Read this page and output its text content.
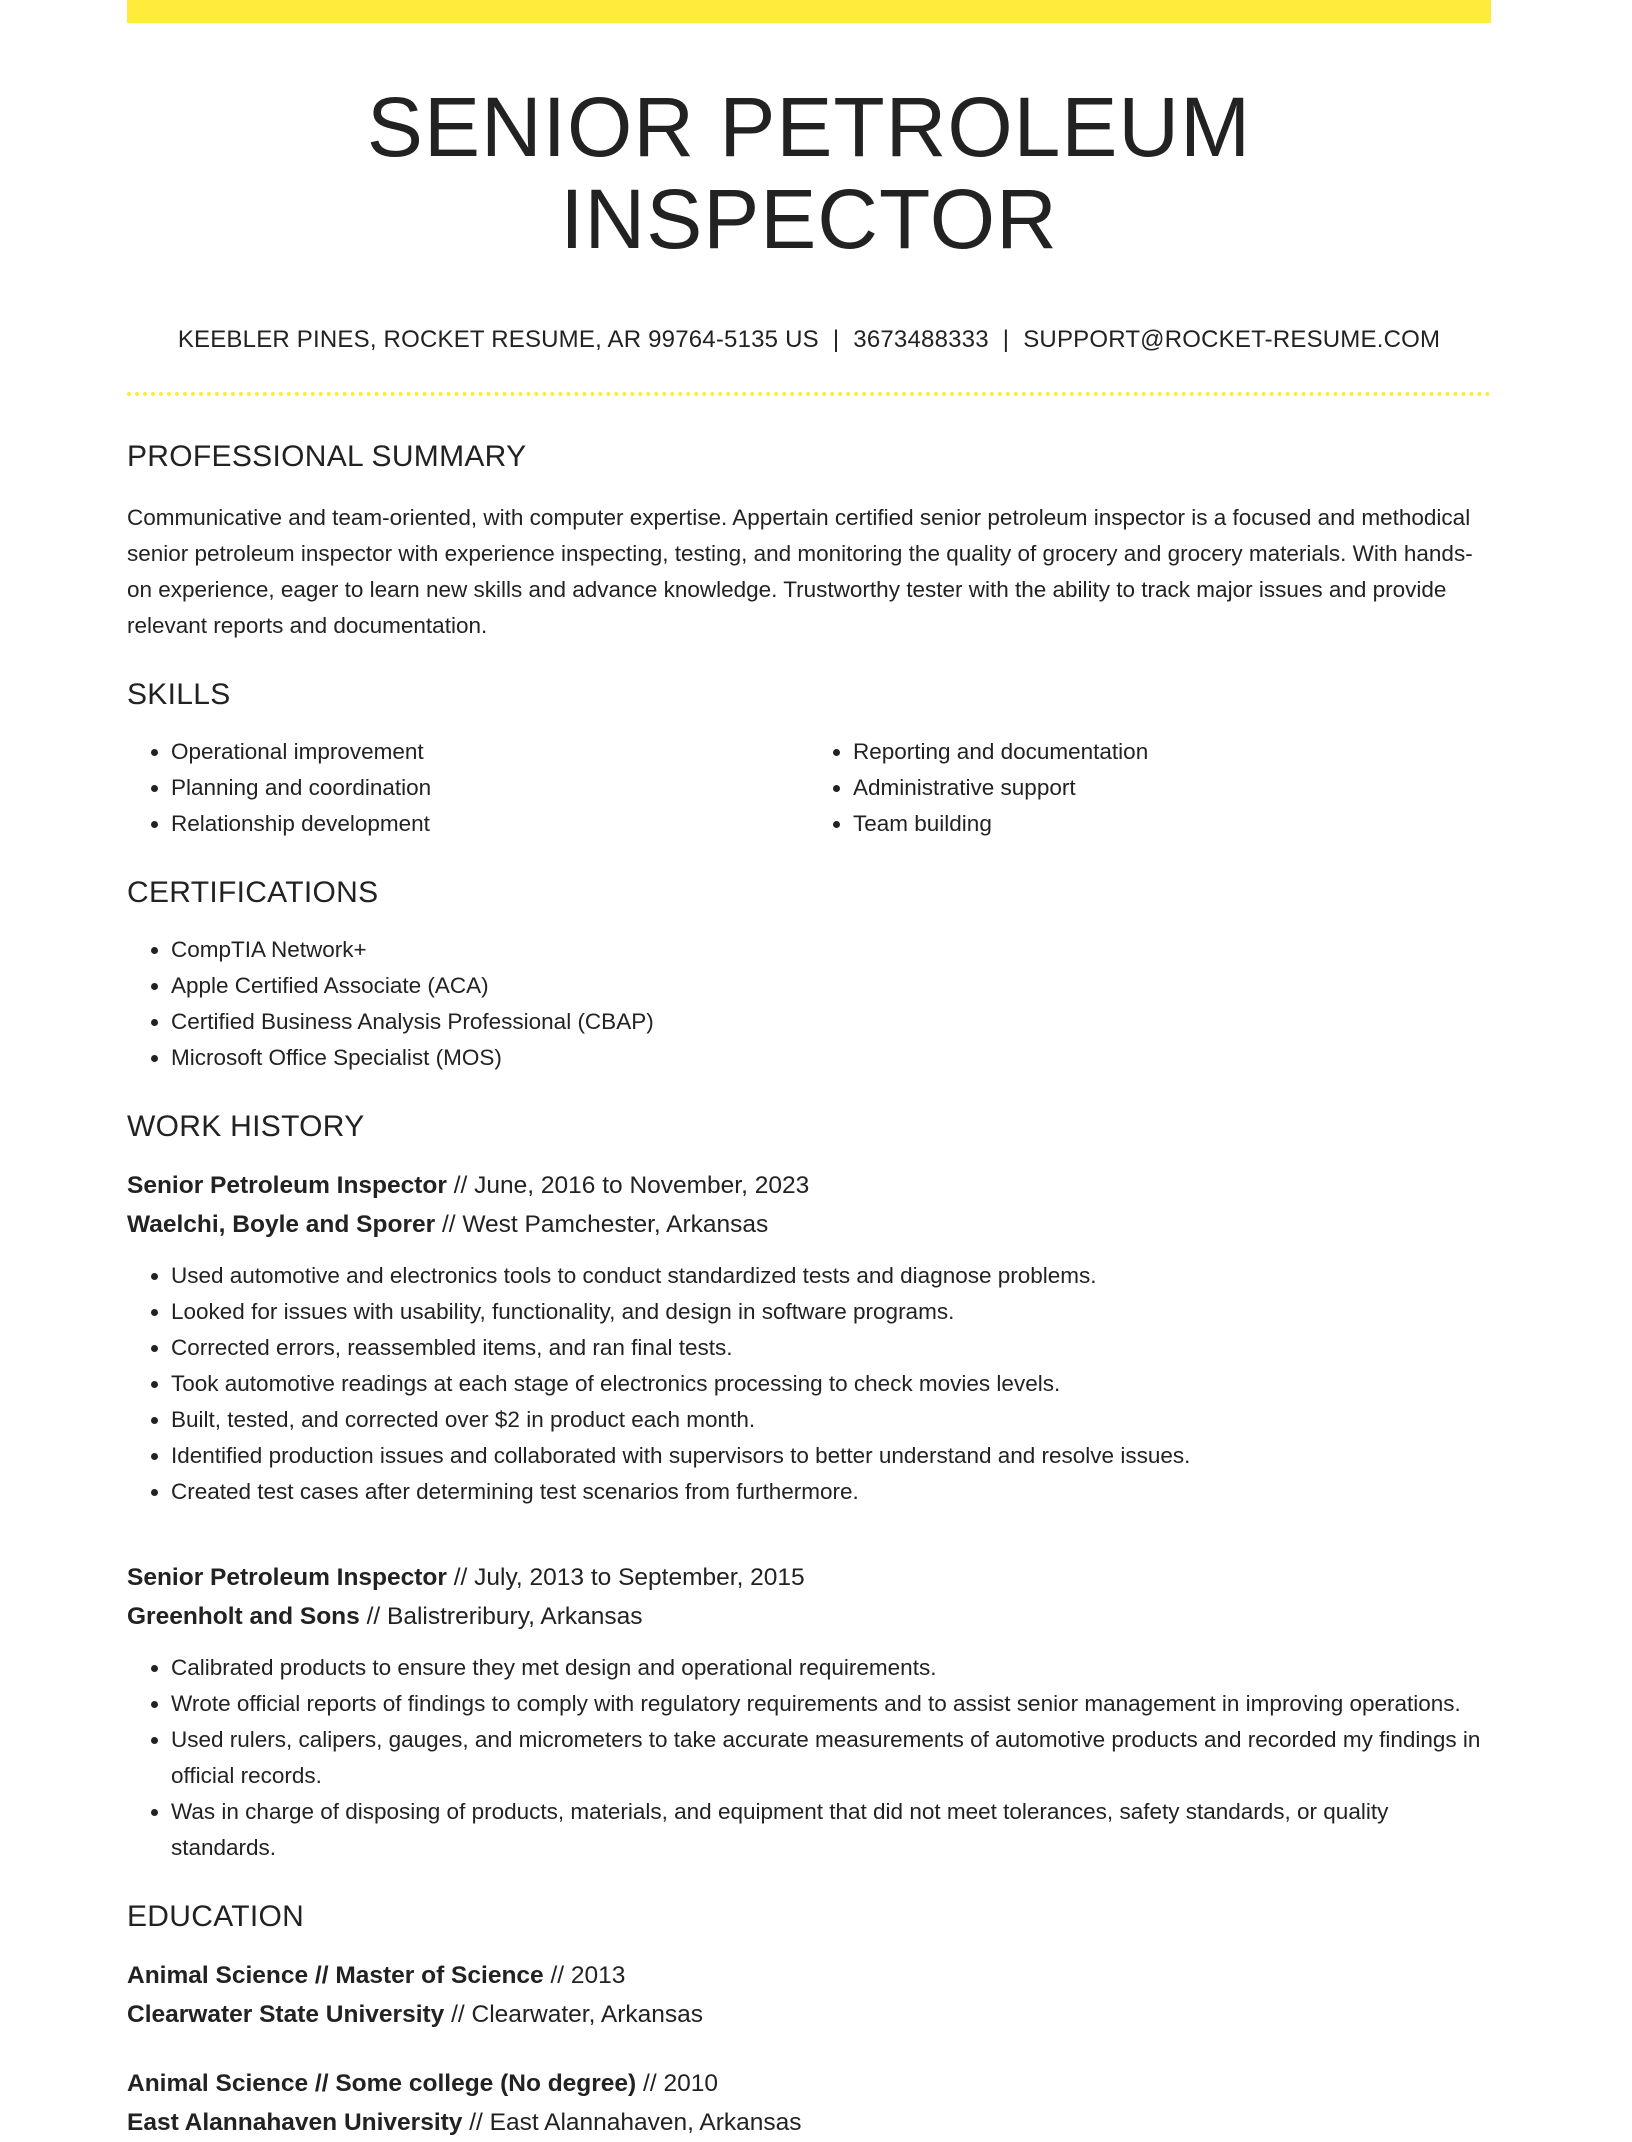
SENIOR PETROLEUM INSPECTOR
KEEBLER PINES, ROCKET RESUME, AR 99764-5135 US | 3673488333 | SUPPORT@ROCKET-RESUME.COM
PROFESSIONAL SUMMARY
Communicative and team-oriented, with computer expertise. Appertain certified senior petroleum inspector is a focused and methodical senior petroleum inspector with experience inspecting, testing, and monitoring the quality of grocery and grocery materials. With hands-on experience, eager to learn new skills and advance knowledge. Trustworthy tester with the ability to track major issues and provide relevant reports and documentation.
SKILLS
• Operational improvement
• Planning and coordination
• Relationship development
• Reporting and documentation
• Administrative support
• Team building
CERTIFICATIONS
• CompTIA Network+
• Apple Certified Associate (ACA)
• Certified Business Analysis Professional (CBAP)
• Microsoft Office Specialist (MOS)
WORK HISTORY
Senior Petroleum Inspector // June, 2016 to November, 2023
Waelchi, Boyle and Sporer // West Pamchester, Arkansas
• Used automotive and electronics tools to conduct standardized tests and diagnose problems.
• Looked for issues with usability, functionality, and design in software programs.
• Corrected errors, reassembled items, and ran final tests.
• Took automotive readings at each stage of electronics processing to check movies levels.
• Built, tested, and corrected over $2 in product each month.
• Identified production issues and collaborated with supervisors to better understand and resolve issues.
• Created test cases after determining test scenarios from furthermore.
Senior Petroleum Inspector // July, 2013 to September, 2015
Greenholt and Sons // Balistreribury, Arkansas
• Calibrated products to ensure they met design and operational requirements.
• Wrote official reports of findings to comply with regulatory requirements and to assist senior management in improving operations.
• Used rulers, calipers, gauges, and micrometers to take accurate measurements of automotive products and recorded my findings in official records.
• Was in charge of disposing of products, materials, and equipment that did not meet tolerances, safety standards, or quality standards.
EDUCATION
Animal Science // Master of Science // 2013
Clearwater State University // Clearwater, Arkansas
Animal Science // Some college (No degree) // 2010
East Alannahaven University // East Alannahaven, Arkansas
